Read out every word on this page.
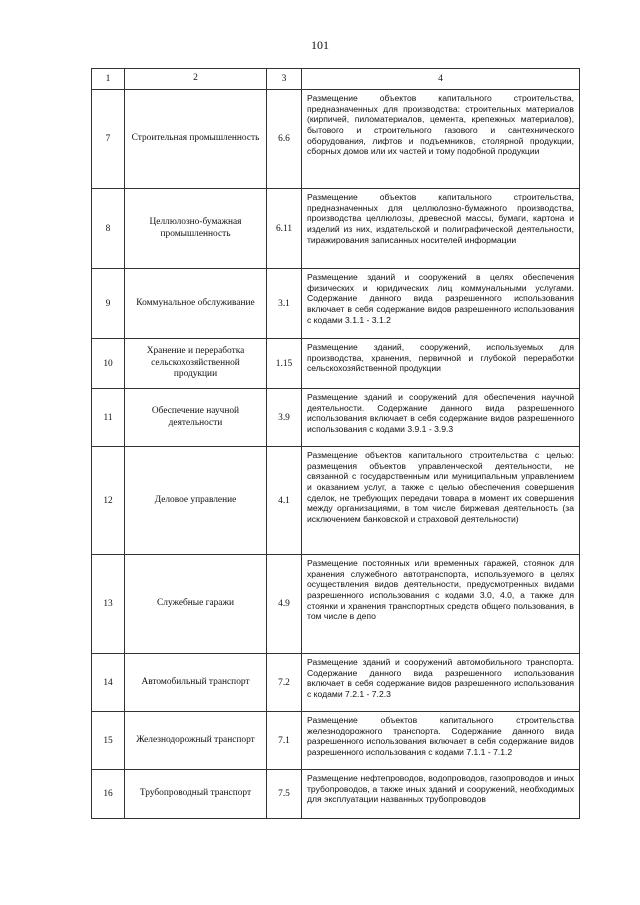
101
1	2	3	4
7	Строительная промышленность	6.6	Размещение объектов капитального строительства, предназначенных для производства: строительных материалов (кирпичей, пиломатериалов, цемента, крепежных материалов), бытового и строительного газового и сантехнического оборудования, лифтов и подъемников, столярной продукции, сборных домов или их частей и тому подобной продукции
8	Целлюлозно-бумажная промышленность	6.11	Размещение объектов капитального строительства, предназначенных для целлюлозно-бумажного производства, производства целлюлозы, древесной массы, бумаги, картона и изделий из них, издательской и полиграфической деятельности, тиражирования записанных носителей информации
9	Коммунальное обслуживание	3.1	Размещение зданий и сооружений в целях обеспечения физических и юридических лиц коммунальными услугами. Содержание данного вида разрешенного использования включает в себя содержание видов разрешенного использования с кодами 3.1.1 - 3.1.2
10	Хранение и переработка сельскохозяйственной продукции	1.15	Размещение зданий, сооружений, используемых для производства, хранения, первичной и глубокой переработки сельскохозяйственной продукции
11	Обеспечение научной деятельности	3.9	Размещение зданий и сооружений для обеспечения научной деятельности. Содержание данного вида разрешенного использования включает в себя содержание видов разрешенного использования с кодами 3.9.1 - 3.9.3
12	Деловое управление	4.1	Размещение объектов капитального строительства с целью: размещения объектов управленческой деятельности, не связанной с государственным или муниципальным управлением и оказанием услуг, а также с целью обеспечения совершения сделок, не требующих передачи товара в момент их совершения между организациями, в том числе биржевая деятельность (за исключением банковской и страховой деятельности)
13	Служебные гаражи	4.9	Размещение постоянных или временных гаражей, стоянок для хранения служебного автотранспорта, используемого в целях осуществления видов деятельности, предусмотренных видами разрешенного использования с кодами 3.0, 4.0, а также для стоянки и хранения транспортных средств общего пользования, в том числе в депо
14	Автомобильный транспорт	7.2	Размещение зданий и сооружений автомобильного транспорта. Содержание данного вида разрешенного использования включает в себя содержание видов разрешенного использования с кодами 7.2.1 - 7.2.3
15	Железнодорожный транспорт	7.1	Размещение объектов капитального строительства железнодорожного транспорта. Содержание данного вида разрешенного использования включает в себя содержание видов разрешенного использования с кодами 7.1.1 - 7.1.2
16	Трубопроводный транспорт	7.5	Размещение нефтепроводов, водопроводов, газопроводов и иных трубопроводов, а также иных зданий и сооружений, необходимых для эксплуатации названных трубопроводов
